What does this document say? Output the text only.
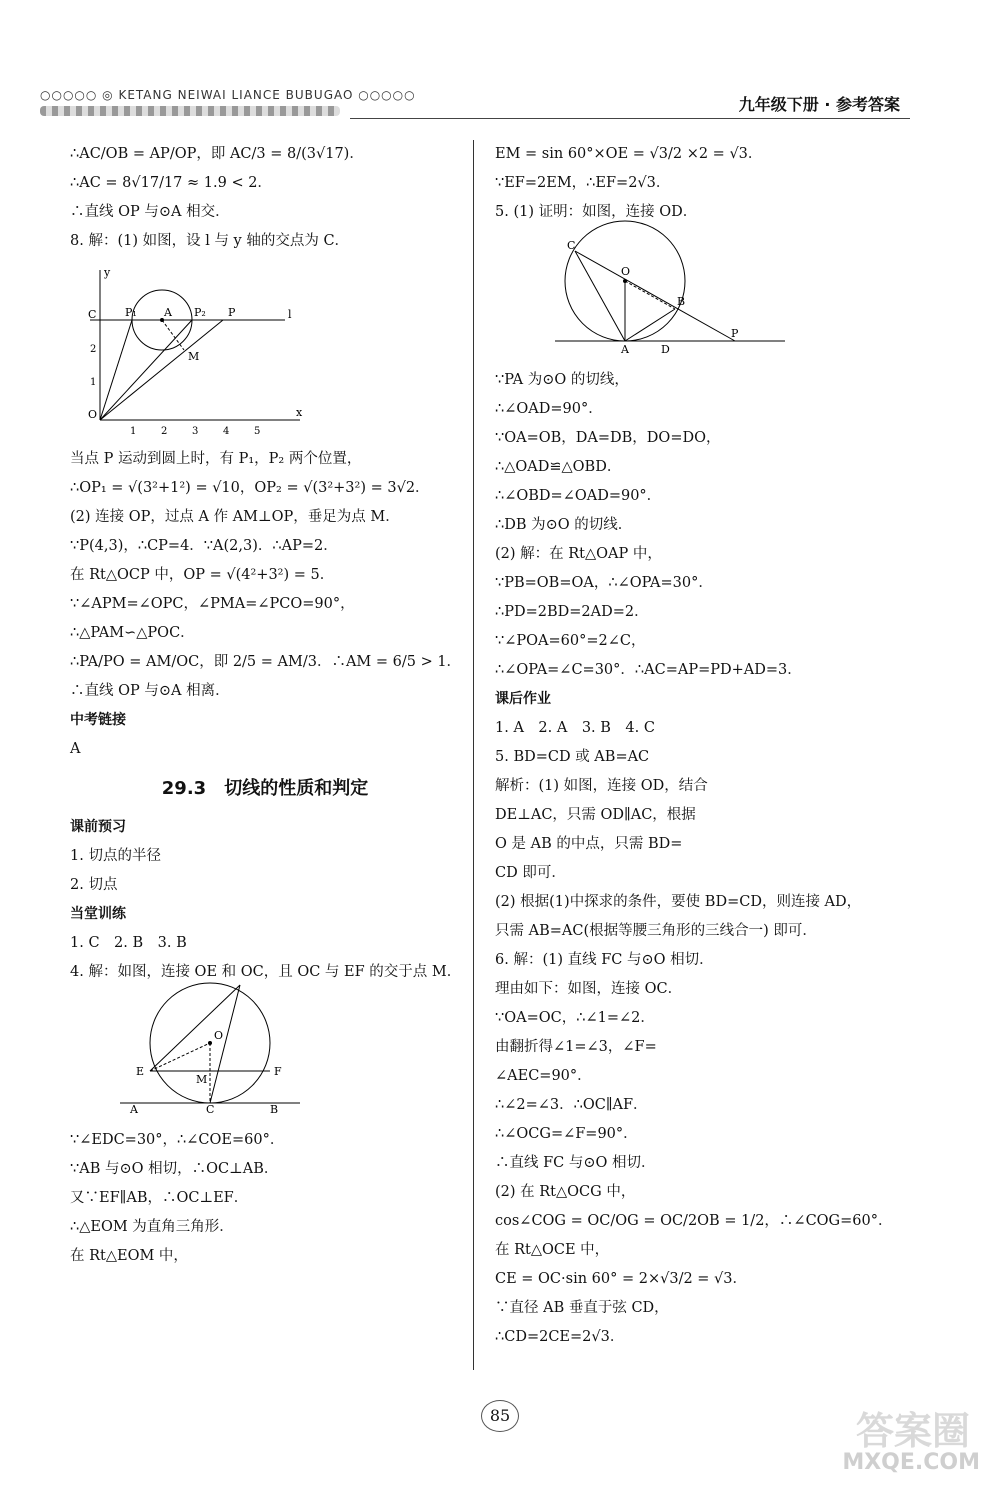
○○○○○ ◎ KETANG NEIWAI LIANCE BUBUGAO ○○○○○	九年级下册 · 参考答案

∴AC/OB = AP/OP，即 AC/3 = 8/(3√17)．

∴AC = 8√17/17 ≈ 1.9 < 2．

∴直线 OP 与⊙A 相交．

8. 解：(1) 如图，设 l 与 y 轴的交点为 C．

C	A
P₁	P₂ P	l
M
O	x
y
1 2 3 4 5
2
1

当点 P 运动到圆上时，有 P₁，P₂ 两个位置，

∴OP₁ = √(3²+1²) = √10，OP₂ = √(3²+3²) = 3√2．

(2) 连接 OP，过点 A 作 AM⊥OP，垂足为点 M．

∵P(4,3)，∴CP=4．∵A(2,3)．∴AP=2．

在 Rt△OCP 中，OP = √(4²+3²) = 5．

∵∠APM=∠OPC，∠PMA=∠PCO=90°，

∴△PAM∽△POC．

∴PA/PO = AM/OC，即 2/5 = AM/3．∴AM = 6/5 > 1．

∴直线 OP 与⊙A 相离．

中考链接

A

29.3　切线的性质和判定

课前预习

1. 切点的半径

2. 切点

当堂训练

1. C　2. B　3. B

4. 解：如图，连接 OE 和 OC，且 OC 与 EF 的交于点 M．

E	F
O
M
A	C	B

∵∠EDC=30°，∴∠COE=60°．

∵AB 与⊙O 相切，∴OC⊥AB．

又∵EF∥AB，∴OC⊥EF．

∴△EOM 为直角三角形．

在 Rt△EOM 中，

EM = sin 60°×OE = √3/2 ×2 = √3．

∵EF=2EM，∴EF=2√3．

5. (1) 证明：如图，连接 OD．

C
O
B
A	D
P

∵PA 为⊙O 的切线，

∴∠OAD=90°．

∵OA=OB，DA=DB，DO=DO，

∴△OAD≌△OBD．

∴∠OBD=∠OAD=90°．

∴DB 为⊙O 的切线．

(2) 解：在 Rt△OAP 中，

∵PB=OB=OA，∴∠OPA=30°．

∴PD=2BD=2AD=2．

∵∠POA=60°=2∠C，

∴∠OPA=∠C=30°．∴AC=AP=PD+AD=3．

课后作业

1. A　2. A　3. B　4. C

5. BD=CD 或 AB=AC

解析：(1) 如图，连接 OD，结合

DE⊥AC，只需 OD∥AC，根据

O 是 AB 的中点，只需 BD=

CD 即可．

(2) 根据(1)中探求的条件，要使 BD=CD，则连接 AD，

只需 AB=AC(根据等腰三角形的三线合一) 即可．

6. 解：(1) 直线 FC 与⊙O 相切．

理由如下：如图，连接 OC．

∵OA=OC，∴∠1=∠2．

由翻折得∠1=∠3，∠F=

∠AEC=90°．

∴∠2=∠3．∴OC∥AF．

∴∠OCG=∠F=90°．

∴直线 FC 与⊙O 相切．

(2) 在 Rt△OCG 中，

cos∠COG = OC/OG = OC/2OB = 1/2，∴∠COG=60°．

在 Rt△OCE 中，

CE = OC·sin 60° = 2×√3/2 = √3．

∵直径 AB 垂直于弦 CD，

∴CD=2CE=2√3．

85	答案圈
MXQE.COM
